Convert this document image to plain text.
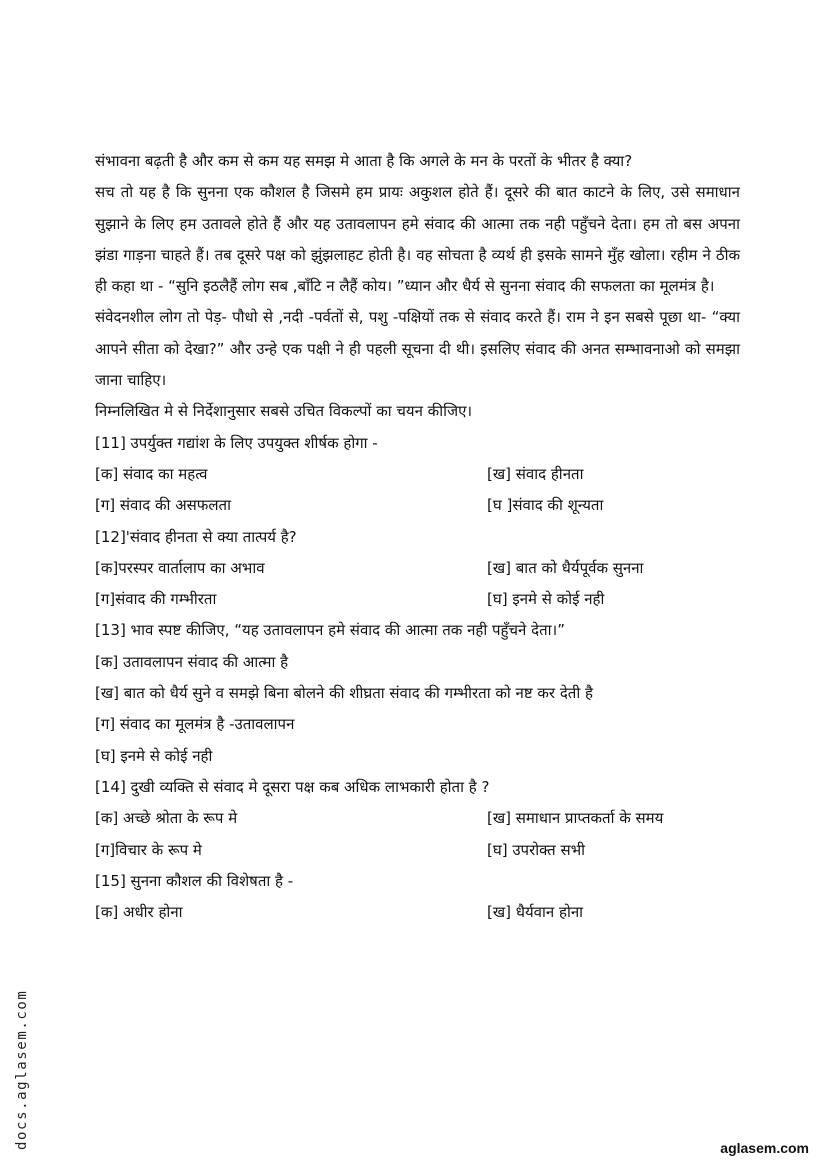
संभावना बढ़ती है और कम से कम यह समझ मे आता है कि अगले के मन के परतों के भीतर है क्या?

सच तो यह है कि सुनना एक कौशल है जिसमे हम प्रायः अकुशल होते हैं। दूसरे की बात काटने के लिए, उसे समाधान सुझाने के लिए हम उतावले होते हैं और यह उतावलापन हमे संवाद की आत्मा तक नही पहुँचने देता। हम तो बस अपना झंडा गाड़ना चाहते हैं। तब दूसरे पक्ष को झुंझलाहट होती है। वह सोचता है व्यर्थ ही इसके सामने मुँह खोला। रहीम ने ठीक ही कहा था - “सुनि इठलैहैं लोग सब ,बाँटि न लैहैं कोय। ”ध्यान और धैर्य से सुनना संवाद की सफलता का मूलमंत्र है।

संवेदनशील लोग तो पेड़- पौधो से ,नदी -पर्वतों से, पशु -पक्षियों तक से संवाद करते हैं। राम ने इन सबसे पूछा था- “क्या आपने सीता को देखा?” और उन्हे एक पक्षी ने ही पहली सूचना दी थी। इसलिए संवाद की अनत सम्भावनाओ को समझा जाना चाहिए।

निम्नलिखित मे से निर्देशानुसार सबसे उचित विकल्पों का चयन कीजिए।

[11] उपर्युक्त गद्यांश के लिए उपयुक्त शीर्षक होगा -

[क] संवाद का महत्व	[ख] संवाद हीनता
[ग] संवाद की असफलता	[घ ]संवाद की शून्यता

[12]'संवाद हीनता से क्या तात्पर्य है?

[क]परस्पर वार्तालाप का अभाव	[ख] बात को धैर्यपूर्वक सुनना
[ग]संवाद की गम्भीरता	[घ] इनमे से कोई नही

[13] भाव स्पष्ट कीजिए, “यह उतावलापन हमे संवाद की आत्मा तक नही पहुँचने देता।”

[क] उतावलापन संवाद की आत्मा है

[ख] बात को धैर्य सुने व समझे बिना बोलने की शीघ्रता संवाद की गम्भीरता को नष्ट कर देती है

[ग] संवाद का मूलमंत्र है -उतावलापन

[घ] इनमे से कोई नही

[14] दुखी व्यक्ति से संवाद मे दूसरा पक्ष कब अधिक लाभकारी होता है ?

[क] अच्छे श्रोता के रूप मे	[ख] समाधान प्राप्तकर्ता के समय
[ग]विचार के रूप मे	[घ] उपरोक्त सभी

[15] सुनना कौशल की विशेषता है -

[क] अधीर होना	[ख] धैर्यवान होना
docs.aglasem.com	aglasem.com
